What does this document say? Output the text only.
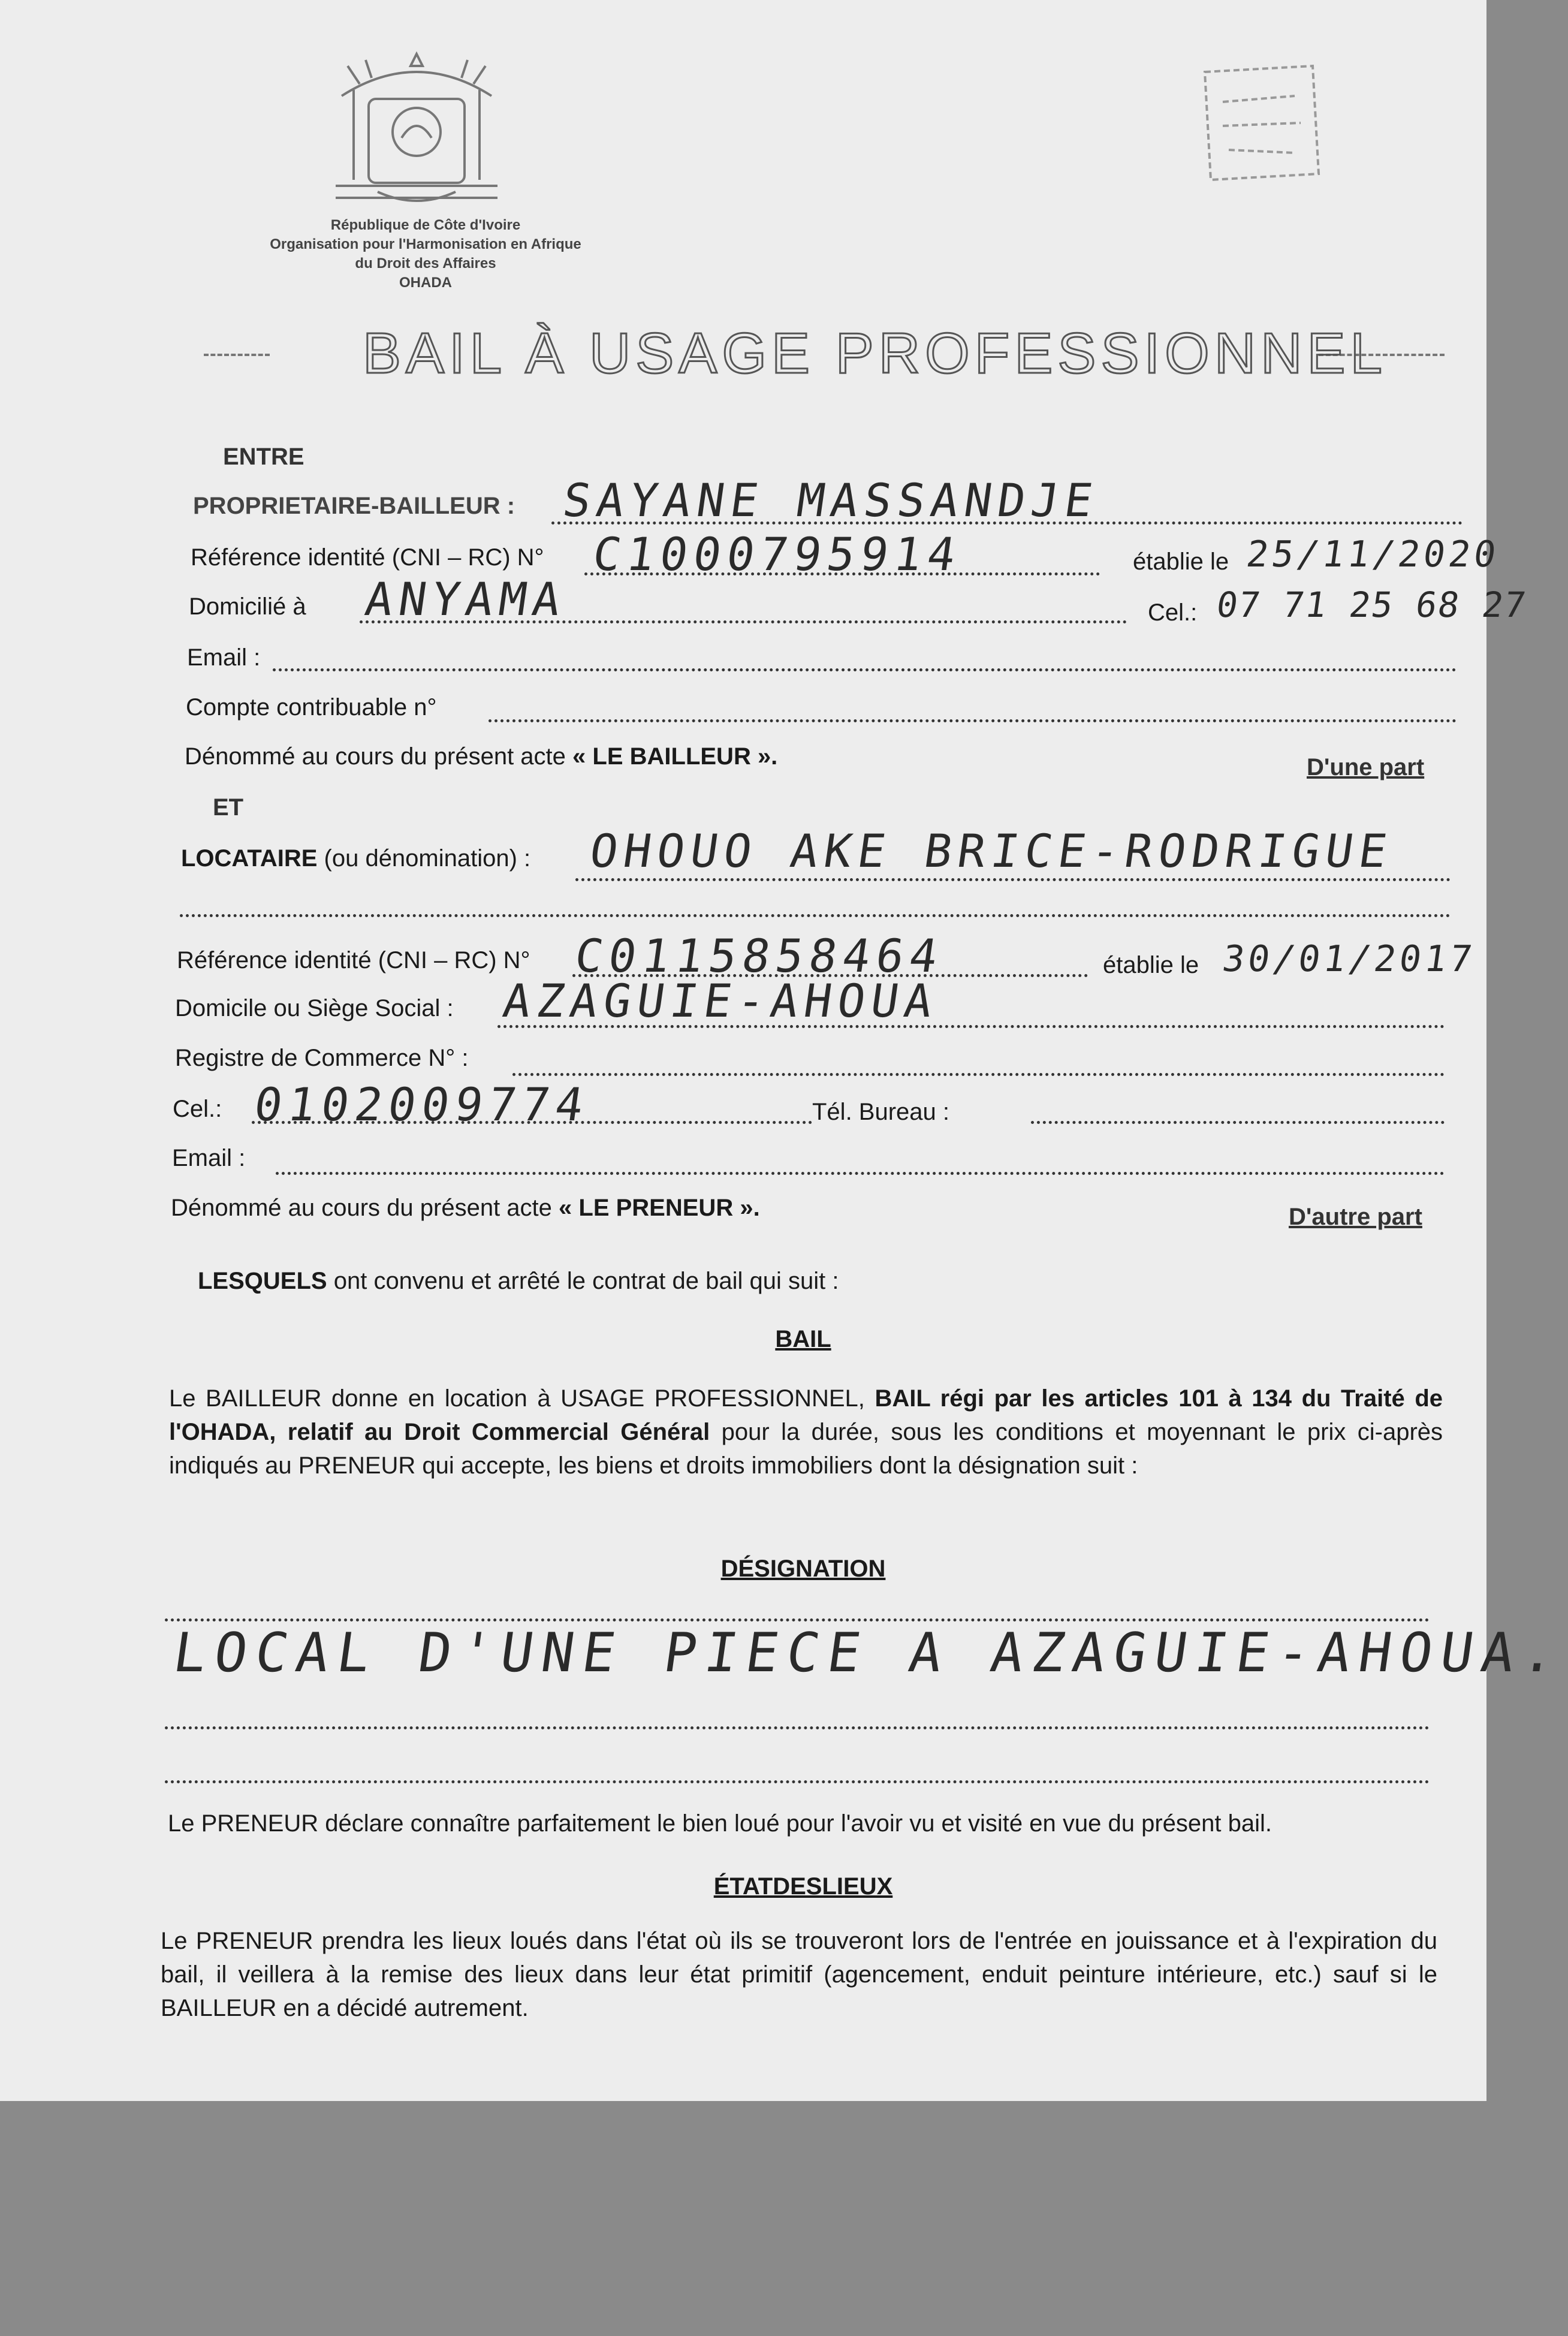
République de Côte d'Ivoire
Organisation pour l'Harmonisation en Afrique
du Droit des Affaires
OHADA
BAIL À USAGE PROFESSIONNEL
ENTRE
PROPRIETAIRE-BAILLEUR : SAYANE MASSANDJE
Référence identité (CNI – RC) N° C1000795914	établie le 25/11/2020
Domicilié à ANYAMA	Cel.: 07 71 25 68 27
Email :
Compte contribuable n°
Dénommé au cours du présent acte « LE BAILLEUR ».	D'une part
ET
LOCATAIRE (ou dénomination) : OHOUO AKE BRICE-RODRIGUE
Référence identité (CNI – RC) N° C0115858464	établie le 30/01/2017
Domicile ou Siège Social : AZAGUIE-AHOUA
Registre de Commerce N° :
Cel.: 0102009774	Tél. Bureau :
Email :
Dénommé au cours du présent acte « LE PRENEUR ».	D'autre part
LESQUELS ont convenu et arrêté le contrat de bail qui suit :
BAIL
Le BAILLEUR donne en location à USAGE PROFESSIONNEL, BAIL régi par les articles 101 à 134 du Traité de l'OHADA, relatif au Droit Commercial Général pour la durée, sous les conditions et moyennant le prix ci-après indiqués au PRENEUR qui accepte, les biens et droits immobiliers dont la désignation suit :
DÉSIGNATION
LOCAL D'UNE PIECE A AZAGUIE-AHOUA.
Le PRENEUR déclare connaître parfaitement le bien loué pour l'avoir vu et visité en vue du présent bail.
ÉTATDESLIEUX
Le PRENEUR prendra les lieux loués dans l'état où ils se trouveront lors de l'entrée en jouissance et à l'expiration du bail, il veillera à la remise des lieux dans leur état primitif (agencement, enduit peinture intérieure, etc.) sauf si le BAILLEUR en a décidé autrement.
